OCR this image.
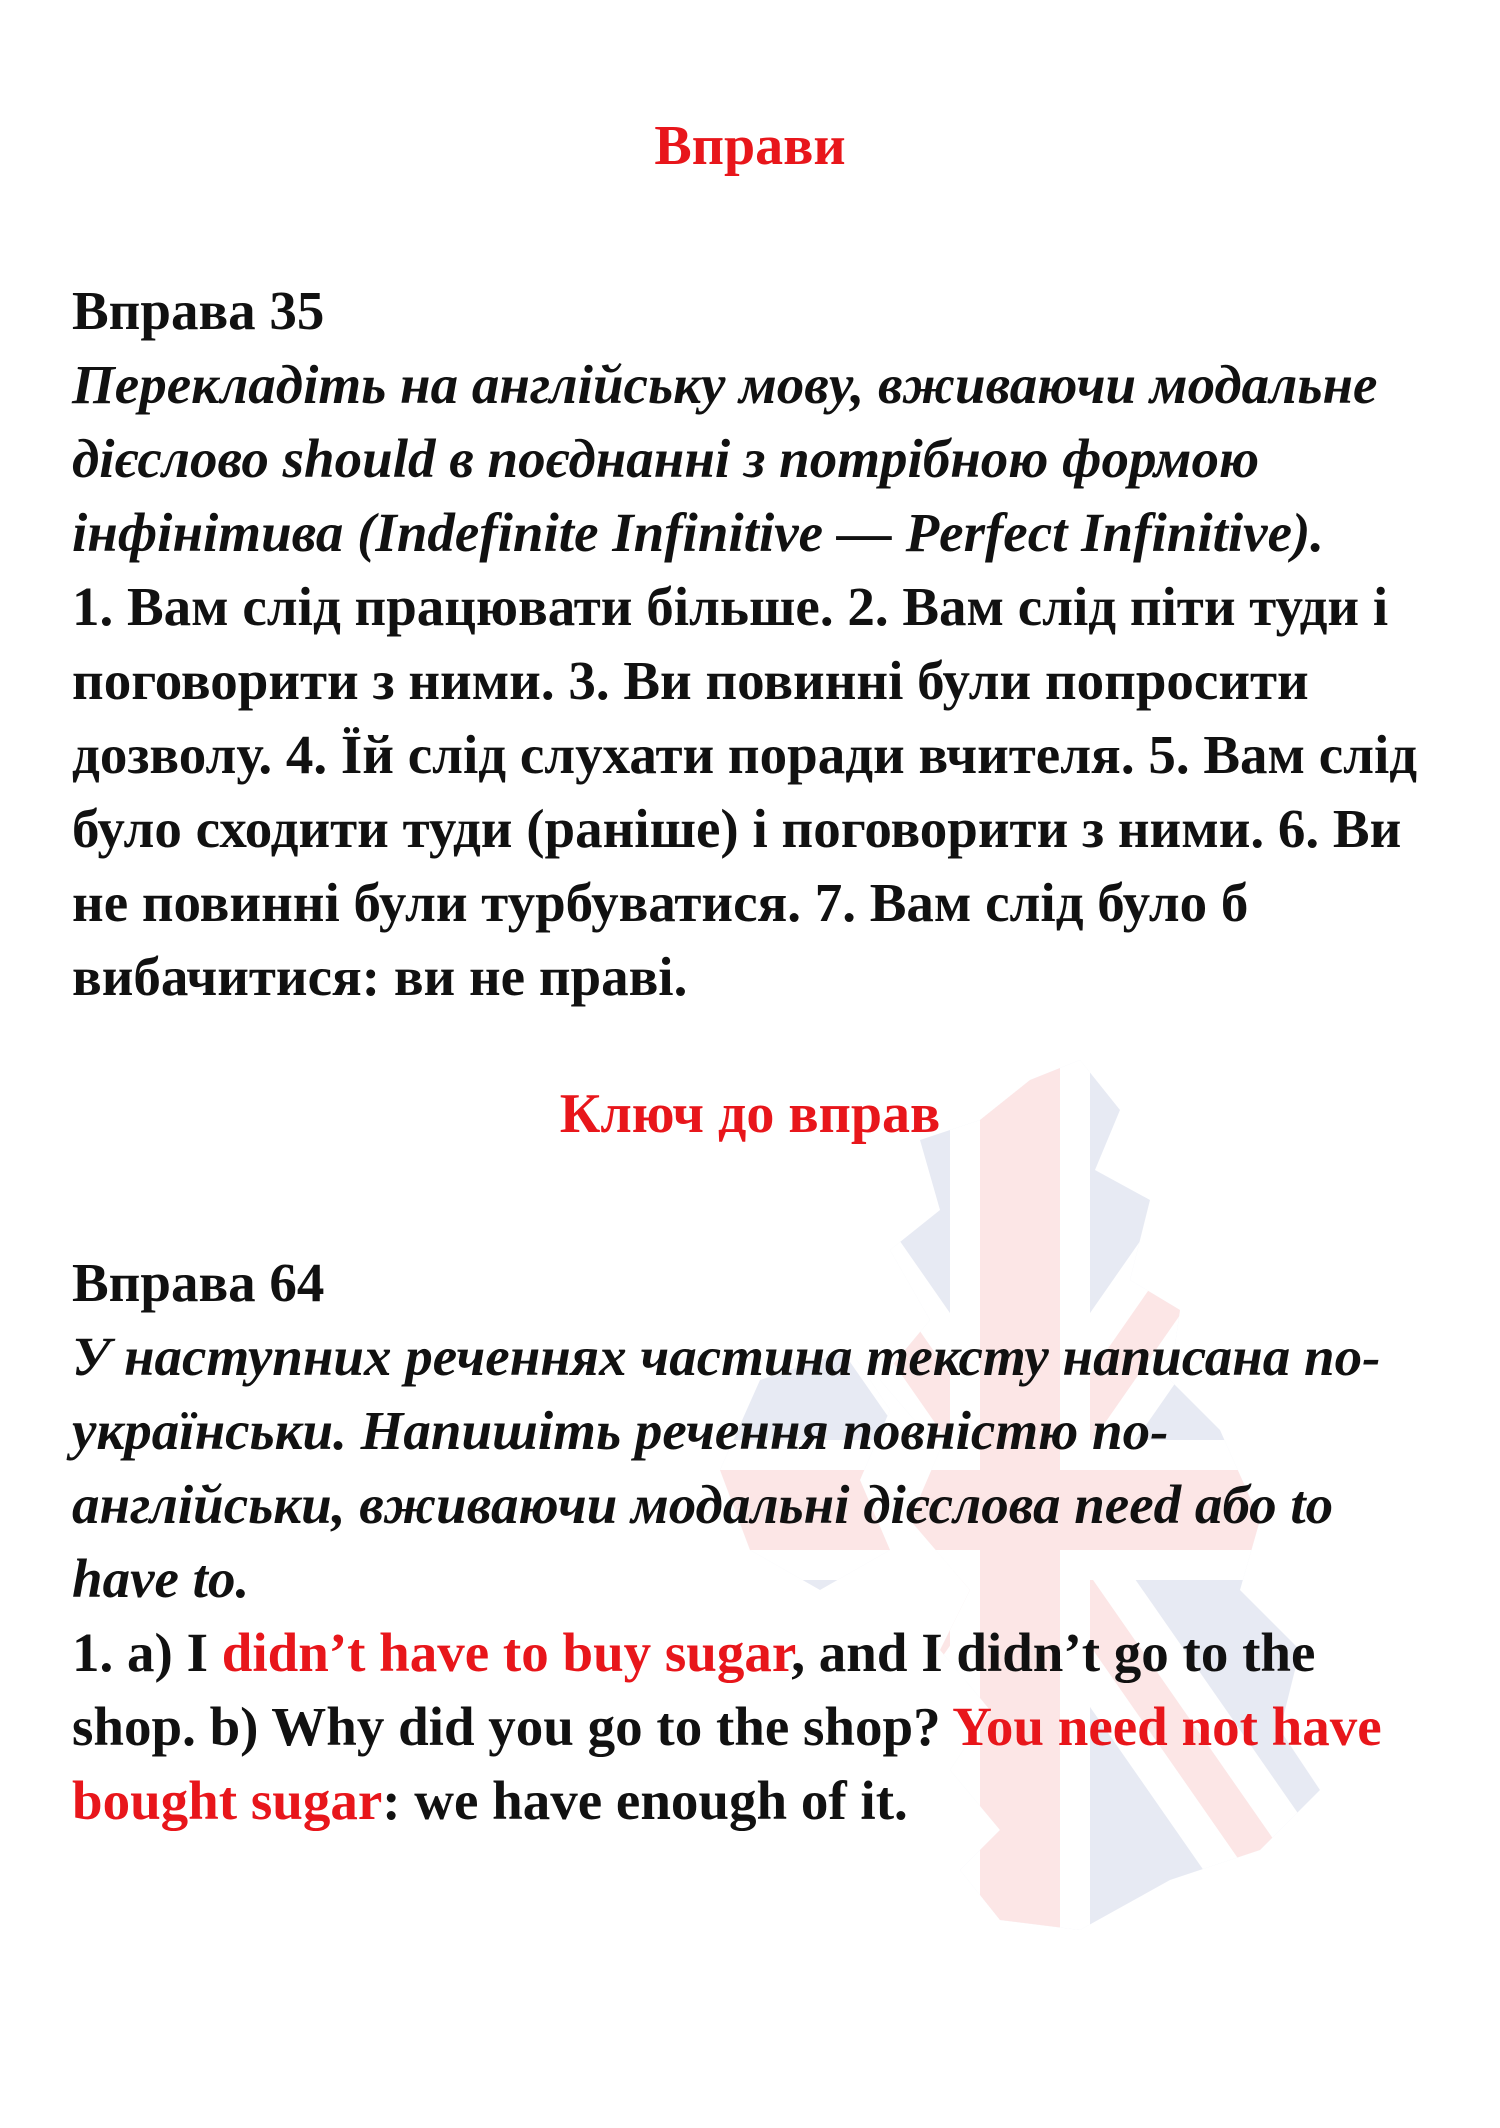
Вправи

Вправа 35

Перекладіть на англійську мову, вживаючи модальне дієслово should в поєднанні з потрібною формою інфінітива (Indefinite Infinitive — Perfect Infinitive).

1. Вам слід працювати більше. 2. Вам слід піти туди і поговорити з ними. 3. Ви повинні були попросити дозволу. 4. Їй слід слухати поради вчителя. 5. Вам слід було сходити туди (раніше) і поговорити з ними. 6. Ви не повинні були турбуватися. 7. Вам слід було б вибачитися: ви не праві.

Ключ до вправ

Вправа 64

У наступних реченнях частина тексту написана по-українськи. Напишіть речення повністю по-англійськи, вживаючи модальні дієслова need або to have to.

1. a) I didn’t have to buy sugar, and I didn’t go to the shop. b) Why did you go to the shop? You need not have bought sugar: we have enough of it.
